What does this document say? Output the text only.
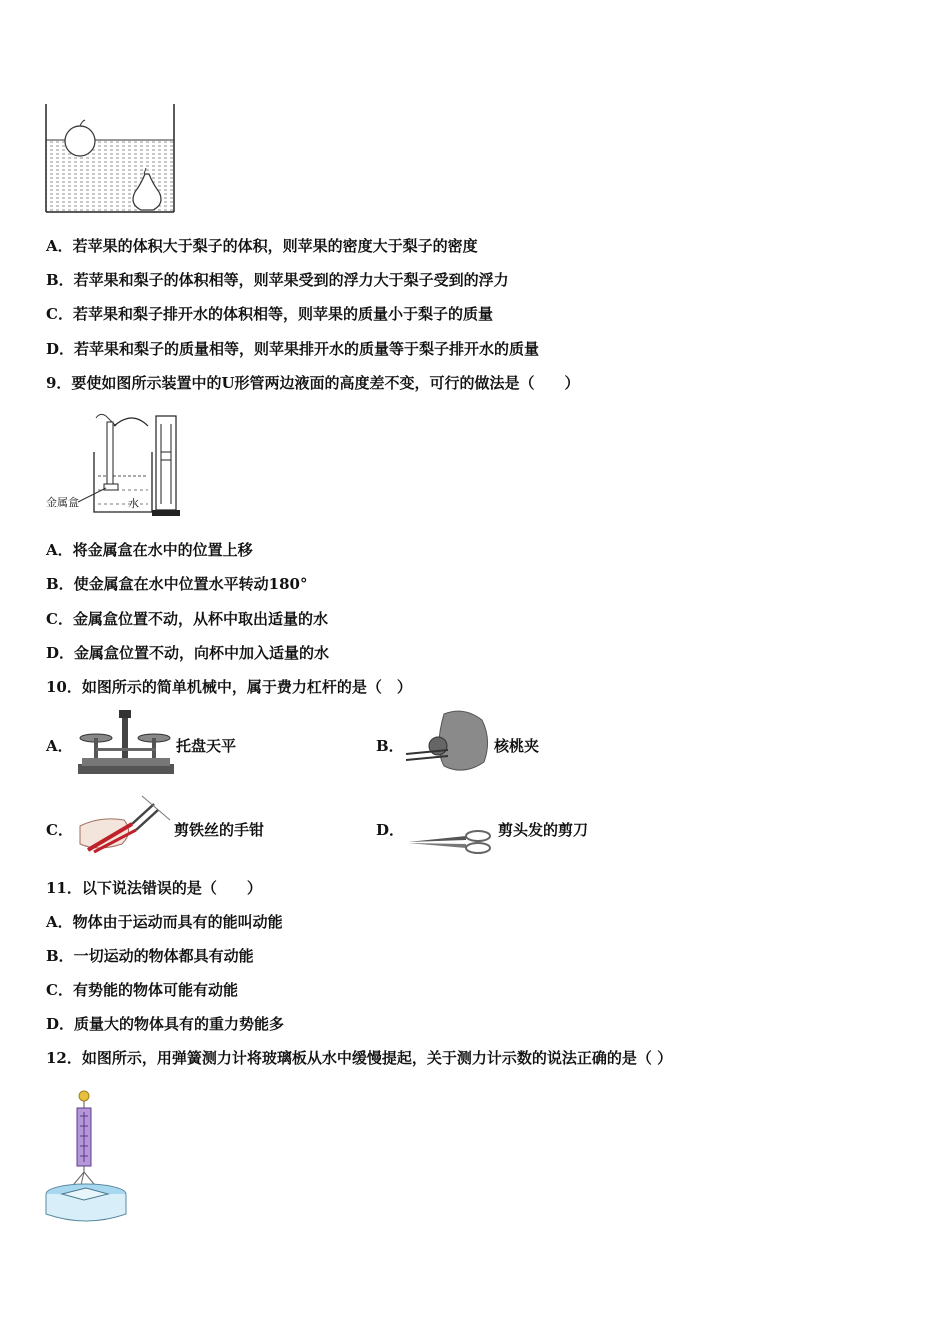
A．若苹果的体积大于梨子的体积，则苹果的密度大于梨子的密度
B．若苹果和梨子的体积相等，则苹果受到的浮力大于梨子受到的浮力
C．若苹果和梨子排开水的体积相等，则苹果的质量小于梨子的质量
D．若苹果和梨子的质量相等，则苹果排开水的质量等于梨子排开水的质量
9．要使如图所示装置中的U形管两边液面的高度差不变，可行的做法是（　　）
金属盒	水
A．将金属盒在水中的位置上移
B．使金属盒在水中位置水平转动180°
C．金属盒位置不动，从杯中取出适量的水
D．金属盒位置不动，向杯中加入适量的水
10．如图所示的简单机械中，属于费力杠杆的是（　）
A．	托盘天平	B．	核桃夹
C．	剪铁丝的手钳	D．	剪头发的剪刀
11．以下说法错误的是（　　）
A．物体由于运动而具有的能叫动能
B．一切运动的物体都具有动能
C．有势能的物体可能有动能
D．质量大的物体具有的重力势能多
12．如图所示，用弹簧测力计将玻璃板从水中缓慢提起，关于测力计示数的说法正确的是（ ）
